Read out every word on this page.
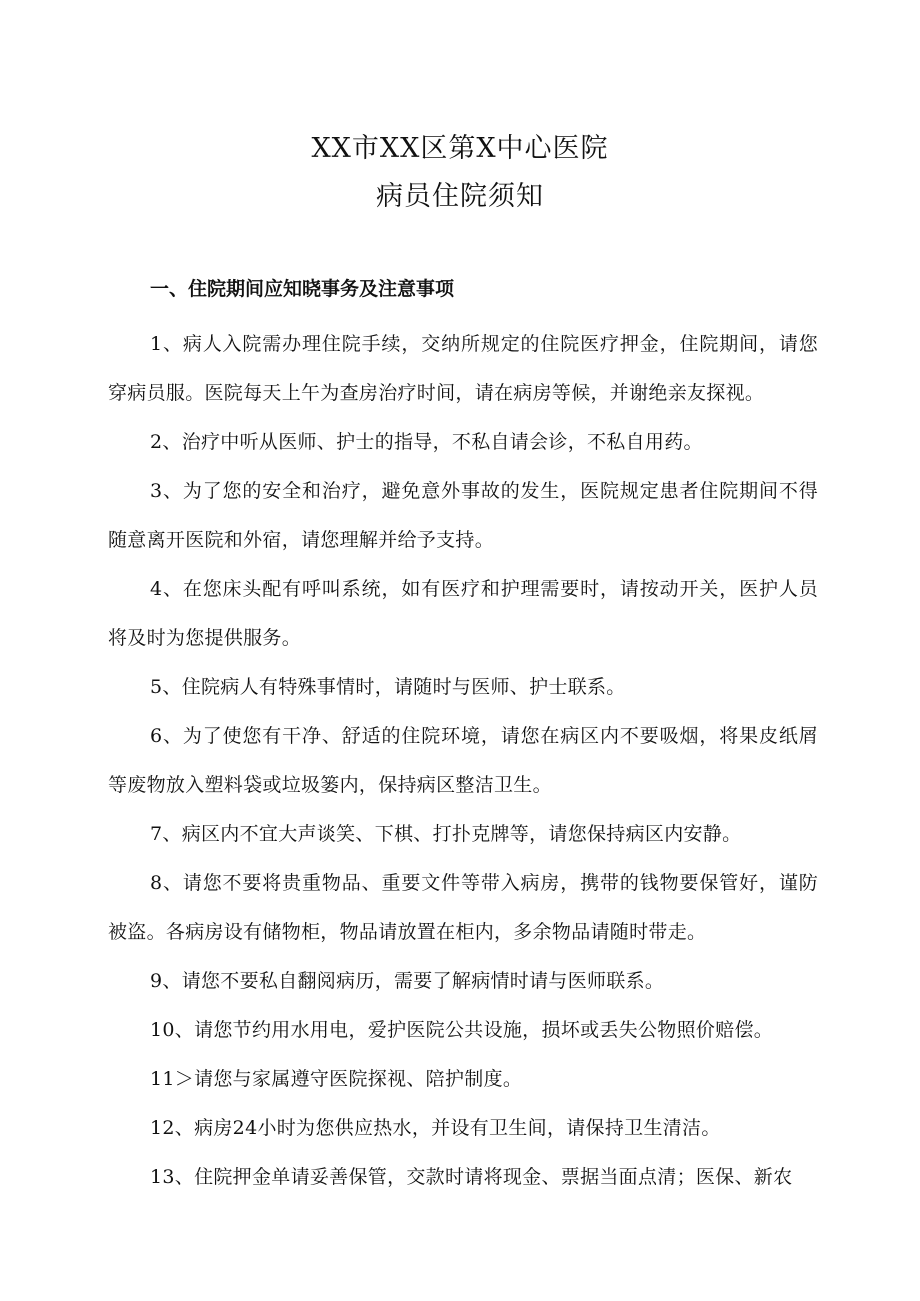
XX市XX区第X中心医院
病员住院须知

一、住院期间应知晓事务及注意事项

1、病人入院需办理住院手续，交纳所规定的住院医疗押金，住院期间，请您穿病员服。医院每天上午为查房治疗时间，请在病房等候，并谢绝亲友探视。

2、治疗中听从医师、护士的指导，不私自请会诊，不私自用药。

3、为了您的安全和治疗，避免意外事故的发生，医院规定患者住院期间不得随意离开医院和外宿，请您理解并给予支持。

4、在您床头配有呼叫系统，如有医疗和护理需要时，请按动开关，医护人员将及时为您提供服务。

5、住院病人有特殊事情时，请随时与医师、护士联系。

6、为了使您有干净、舒适的住院环境，请您在病区内不要吸烟，将果皮纸屑等废物放入塑料袋或垃圾篓内，保持病区整洁卫生。

7、病区内不宜大声谈笑、下棋、打扑克牌等，请您保持病区内安静。

8、请您不要将贵重物品、重要文件等带入病房，携带的钱物要保管好，谨防被盗。各病房设有储物柜，物品请放置在柜内，多余物品请随时带走。

9、请您不要私自翻阅病历，需要了解病情时请与医师联系。

10、请您节约用水用电，爱护医院公共设施，损坏或丢失公物照价赔偿。

11＞请您与家属遵守医院探视、陪护制度。

12、病房24小时为您供应热水，并设有卫生间，请保持卫生清洁。

13、住院押金单请妥善保管，交款时请将现金、票据当面点清；医保、新农
